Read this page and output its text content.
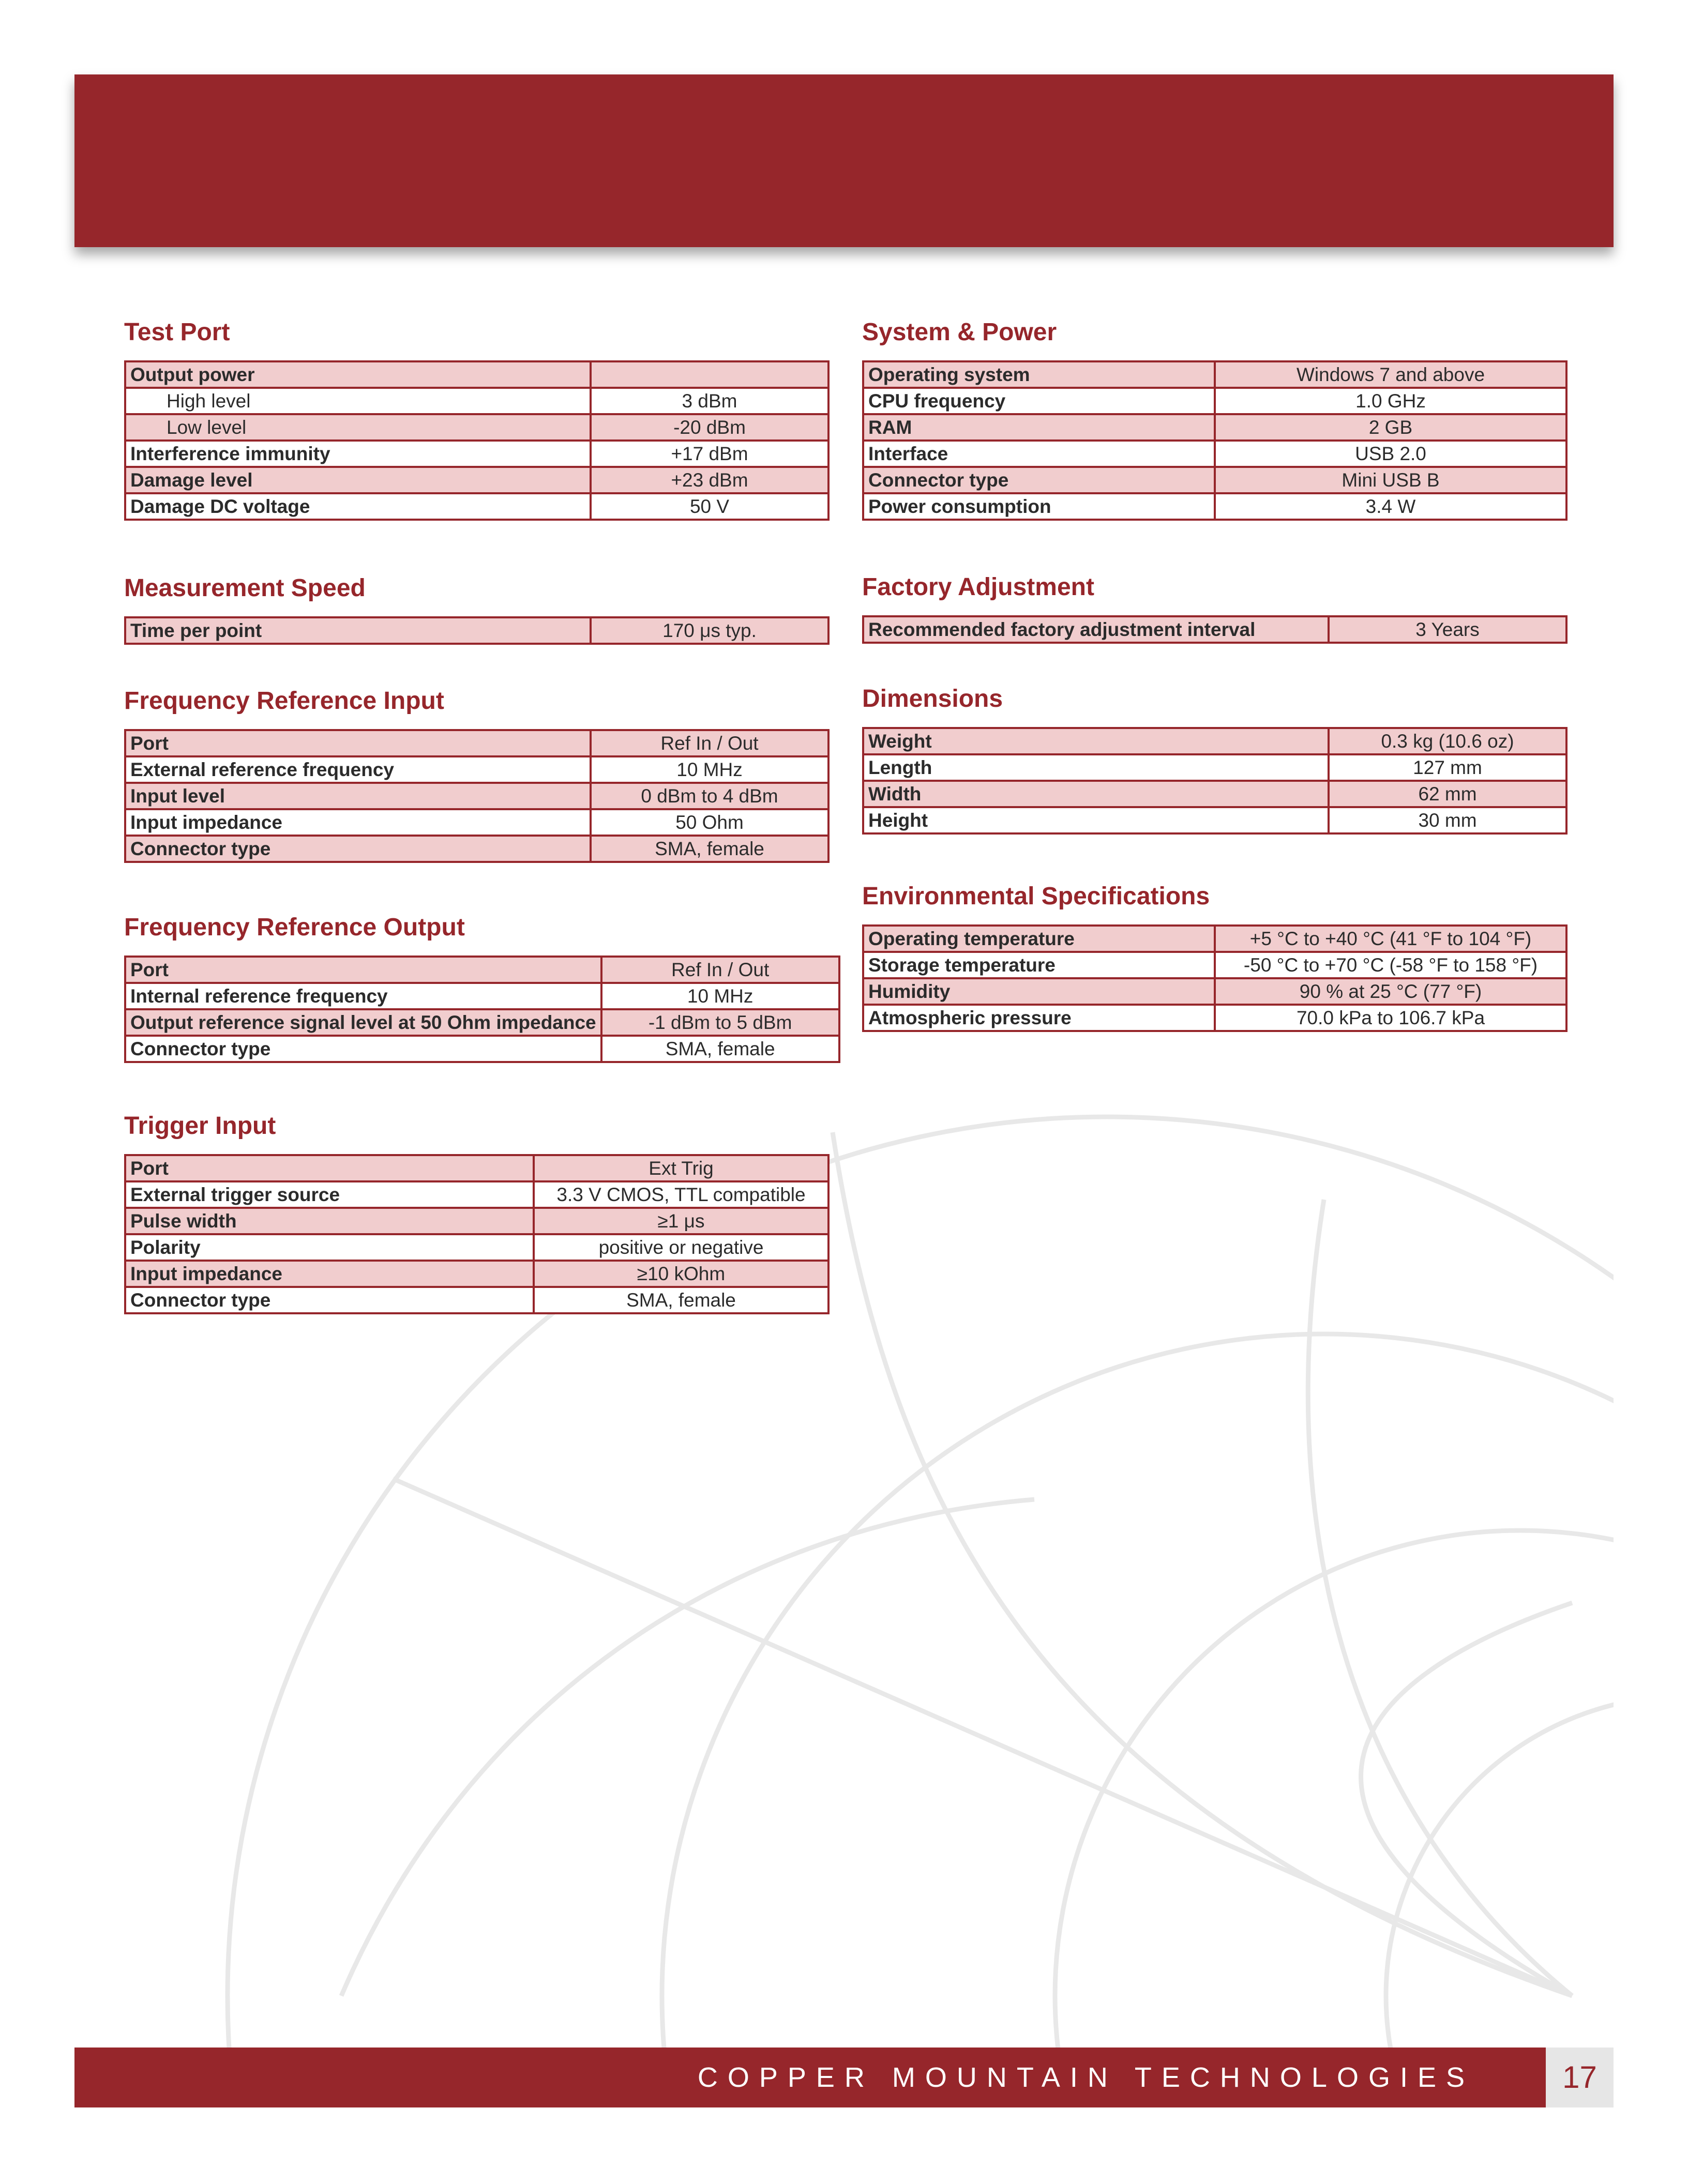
Test Port
Output power	
High level	3 dBm
Low level	-20 dBm
Interference immunity	+17 dBm
Damage level	+23 dBm
Damage DC voltage	50 V
Measurement Speed
Time per point	170 μs typ.
Frequency Reference Input
Port	Ref In / Out
External reference frequency	10 MHz
Input level	0 dBm to 4 dBm
Input impedance	50 Ohm
Connector type	SMA, female
Frequency Reference Output
Port	Ref In / Out
Internal reference frequency	10 MHz
Output reference signal level at 50 Ohm impedance	-1 dBm to 5 dBm
Connector type	SMA, female
Trigger Input
Port	Ext Trig
External trigger source	3.3 V CMOS, TTL compatible
Pulse width	≥1 μs
Polarity	positive or negative
Input impedance	≥10 kOhm
Connector type	SMA, female
System & Power
Operating system	Windows 7 and above
CPU frequency	1.0 GHz
RAM	2 GB
Interface	USB 2.0
Connector type	Mini USB B
Power consumption	3.4 W
Factory Adjustment
Recommended factory adjustment interval	3 Years
Dimensions
Weight	0.3 kg (10.6 oz)
Length	127 mm
Width	62 mm
Height	30 mm
Environmental Specifications
Operating temperature	+5 °C to +40 °C (41 °F to 104 °F)
Storage temperature	-50 °C to +70 °C (-58 °F to 158 °F)
Humidity	90 % at 25 °C (77 °F)
Atmospheric pressure	70.0 kPa to 106.7 kPa
COPPER MOUNTAIN TECHNOLOGIES	17
